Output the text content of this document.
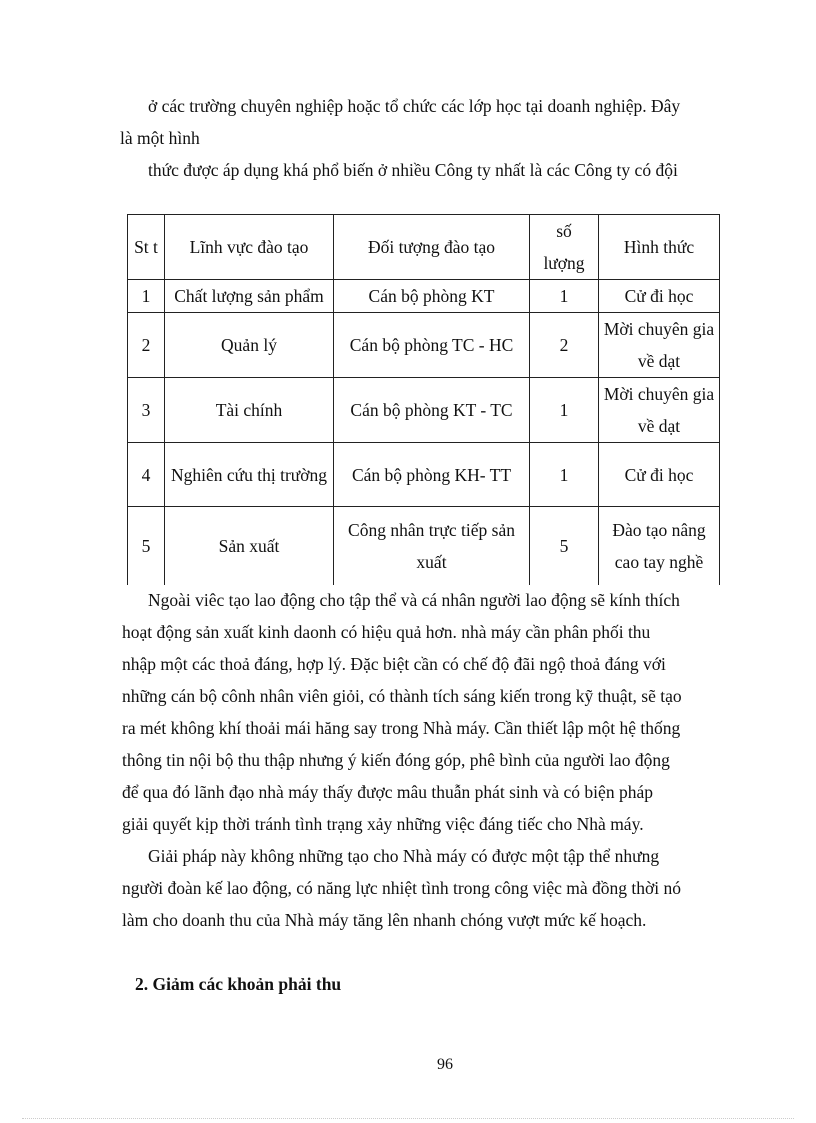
ở các trường chuyên nghiệp hoặc tổ chức các lớp học tại doanh nghiệp. Đây
là một hình
thức được áp dụng khá phổ biến ở nhiều Công ty nhất là các Công ty có đội
St t	Lĩnh vực đào tạo	Đối tượng đào tạo	số lượng	Hình thức
1	Chất lượng sản phẩm	Cán bộ phòng KT	1	Cử đi học
2	Quản lý	Cán bộ phòng TC - HC	2	Mời chuyên gia về dạt
3	Tài chính	Cán bộ phòng KT - TC	1	Mời chuyên gia về dạt
4	Nghiên cứu thị trường	Cán bộ phòng KH- TT	1	Cử đi học
5	Sản xuất	Công nhân trực tiếp sản xuất	5	Đào tạo nâng cao tay nghề
Ngoài viêc tạo lao động cho tập thể và cá nhân người lao động sẽ kính thích
hoạt động sản xuất kinh daonh có hiệu quả hơn. nhà máy cần phân phối thu
nhập một các thoả đáng, hợp lý. Đặc biệt cần có chế độ đãi ngộ thoả đáng với
những cán bộ cônh nhân viên giỏi, có thành tích sáng kiến trong kỹ thuật, sẽ tạo
ra mét không khí thoải mái hăng say trong Nhà máy. Cần thiết lập một hệ thống
thông tin nội bộ thu thập nhưng ý kiến đóng góp, phê bình của người lao động
để qua đó lãnh đạo nhà máy thấy được mâu thuẫn phát sinh và có biện pháp
giải quyết kịp thời tránh tình trạng xảy những việc đáng tiếc cho Nhà máy.
Giải pháp này không những tạo cho Nhà máy có được một tập thể nhưng
người đoàn kế lao động, có năng lực nhiệt tình trong công việc mà đồng thời nó
làm cho doanh thu của Nhà máy tăng lên nhanh chóng vượt mức kế hoạch.
2. Giảm các khoản phải thu
96
